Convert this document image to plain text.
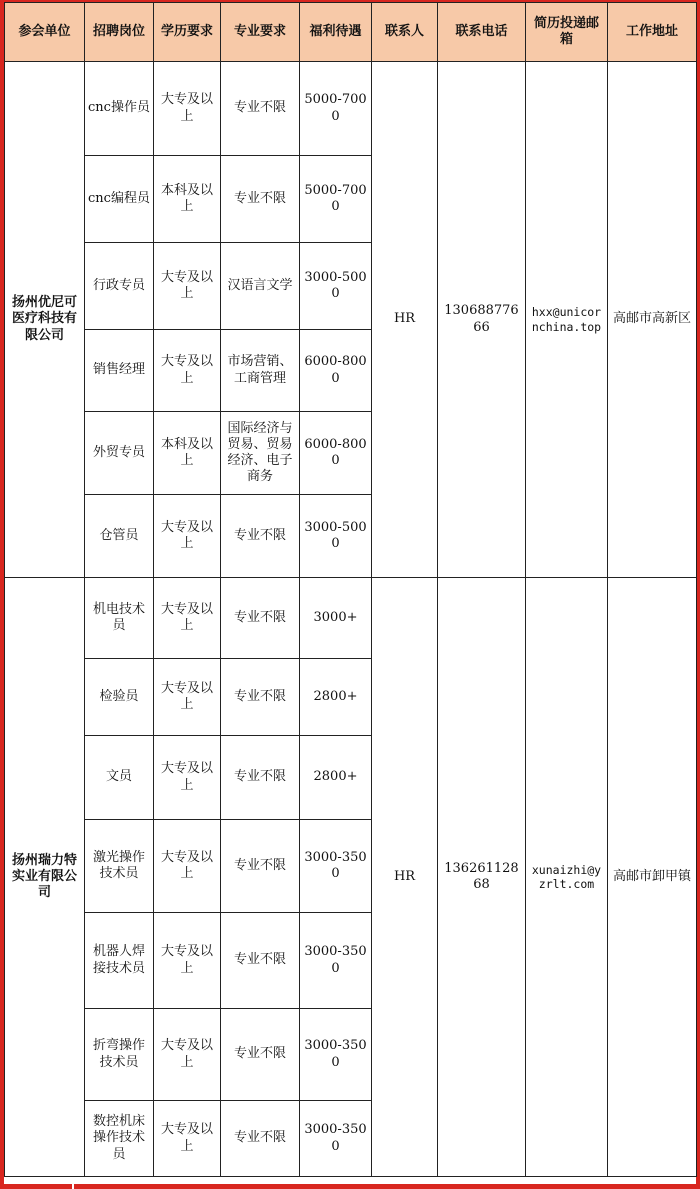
参会单位	招聘岗位	学历要求	专业要求	福利待遇	联系人	联系电话	简历投递邮箱	工作地址
扬州优尼可医疗科技有限公司	cnc操作员	大专及以上	专业不限	5000-7000	HR	13068877666	hxx@unicornchina.top	高邮市高新区
	cnc编程员	本科及以上	专业不限	5000-7000				
	行政专员	大专及以上	汉语言文学	3000-5000				
	销售经理	大专及以上	市场营销、工商管理	6000-8000				
	外贸专员	本科及以上	国际经济与贸易、贸易经济、电子商务	6000-8000				
	仓管员	大专及以上	专业不限	3000-5000				
扬州瑞力特实业有限公司	机电技术员	大专及以上	专业不限	3000+	HR	13626112868	xunaizhi@yzrlt.com	高邮市卸甲镇
	检验员	大专及以上	专业不限	2800+				
	文员	大专及以上	专业不限	2800+				
	激光操作技术员	大专及以上	专业不限	3000-3500				
	机器人焊接技术员	大专及以上	专业不限	3000-3500				
	折弯操作技术员	大专及以上	专业不限	3000-3500				
	数控机床操作技术员	大专及以上	专业不限	3000-3500				
